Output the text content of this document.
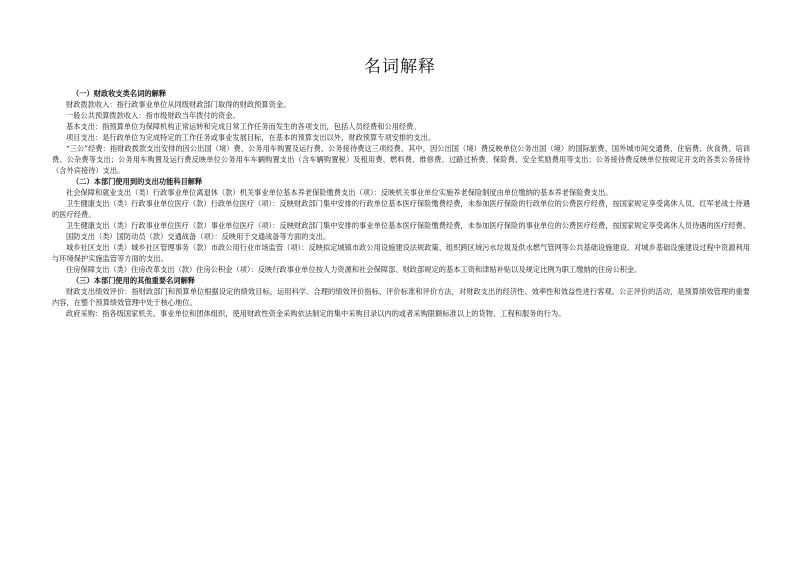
名词解释
（一）财政收支类名词的解释
财政拨款收入：指行政事业单位从同级财政部门取得的财政预算资金。
一般公共预算拨款收入：指市级财政当年拨付的资金。
基本支出：指预算单位为保障机构正常运转和完成日常工作任务而发生的各项支出，包括人员经费和公用经费。
项目支出：是行政单位为完成特定的工作任务或事业发展目标，在基本的预算支出以外，财政预算专项安排的支出。
“三公”经费：指财政拨款支出安排的因公出国（境）费、公务用车购置及运行费、公务接待费这三项经费。其中，因公出国（境）费反映单位公务出国（境）的国际旅费、国外城市间交通费、住宿费、伙食费、培训费、公杂费等支出；公务用车购置及运行费反映单位公务用车车辆购置支出（含车辆购置税）及租用费、燃料费、维修费、过路过桥费、保险费、安全奖励费用等支出；公务接待费反映单位按规定开支的各类公务接待（含外宾接待）支出。
（二）本部门使用到的支出功能科目解释
社会保障和就业支出（类）行政事业单位离退休（款）机关事业单位基本养老保险缴费支出（项）：反映机关事业单位实施养老保险制度由单位缴纳的基本养老保险费支出。
卫生健康支出（类）行政事业单位医疗（款）行政单位医疗（项）：反映财政部门集中安排的行政单位基本医疗保险缴费经费，未参加医疗保险的行政单位的公费医疗经费，按国家规定享受离休人员、红军老战士待遇的医疗经费。
卫生健康支出（类）行政事业单位医疗（款）事业单位医疗（项）：反映财政部门集中安排的事业单位基本医疗保险缴费经费，未参加医疗保险的事业单位的公费医疗经费，按国家规定享受离休人员待遇的医疗经费。
国防支出（类）国防动员（款）交通战备（项）：反映用于交通战备等方面的支出。
城乡社区支出（类）城乡社区管理事务（款）市政公用行业市场监管（项）：反映拟定城镇市政公用设施建设法规政策、组织跨区域污水垃圾及供水燃气管网等公共基础设施建设、对城乡基础设施建设过程中资源利用与环境保护实施监管等方面的支出。
住房保障支出（类）住房改革支出（款）住房公积金（项）：反映行政事业单位按人力资源和社会保障部、财政部规定的基本工资和津贴补贴以及规定比例为职工缴纳的住房公积金。
（三）本部门使用的其他重要名词解释
财政支出绩效评价：指财政部门和预算单位根据设定的绩效目标，运用科学、合理的绩效评价指标、评价标准和评价方法，对财政支出的经济性、效率性和效益性进行客观、公正评价的活动，是预算绩效管理的重要内容，在整个预算绩效管理中处于核心地位。
政府采购：指各级国家机关、事业单位和团体组织，使用财政性资金采购依法制定的集中采购目录以内的或者采购限额标准以上的货物、工程和服务的行为。
